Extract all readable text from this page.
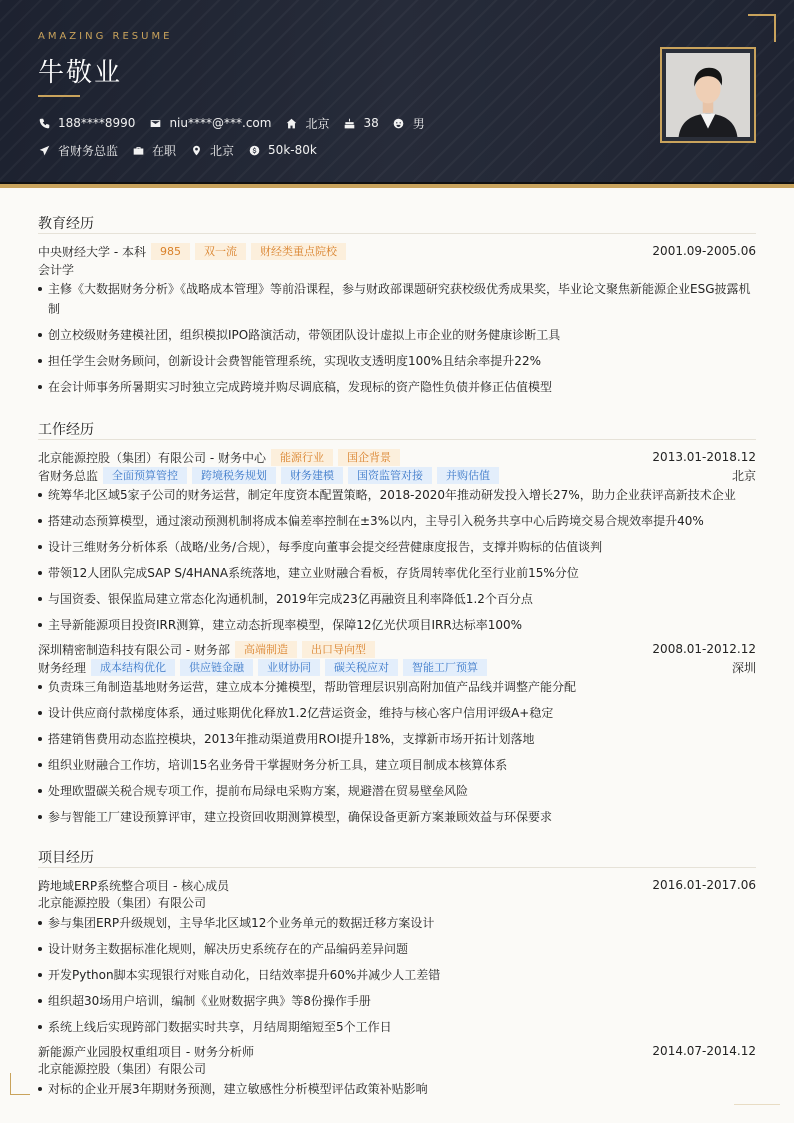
AMAZING RESUME
牛敬业
188****8990	niu****@***.com	北京	38	男
省财务总监	在职	北京	50k-80k
教育经历
中央财经大学 - 本科	985	双一流	财经类重点院校	2001.09-2005.06
会计学
主修《大数据财务分析》《战略成本管理》等前沿课程，参与财政部课题研究获校级优秀成果奖，毕业论文聚焦新能源企业ESG披露机制
创立校级财务建模社团，组织模拟IPO路演活动，带领团队设计虚拟上市企业的财务健康诊断工具
担任学生会财务顾问，创新设计会费智能管理系统，实现收支透明度100%且结余率提升22%
在会计师事务所暑期实习时独立完成跨境并购尽调底稿，发现标的资产隐性负债并修正估值模型
工作经历
北京能源控股（集团）有限公司 - 财务中心	能源行业	国企背景	2013.01-2018.12
省财务总监	全面预算管控	跨境税务规划	财务建模	国资监管对接	并购估值	北京
统筹华北区域5家子公司的财务运营，制定年度资本配置策略，2018-2020年推动研发投入增长27%，助力企业获评高新技术企业
搭建动态预算模型，通过滚动预测机制将成本偏差率控制在±3%以内，主导引入税务共享中心后跨境交易合规效率提升40%
设计三维财务分析体系（战略/业务/合规），每季度向董事会提交经营健康度报告，支撑并购标的估值谈判
带领12人团队完成SAP S/4HANA系统落地，建立业财融合看板，存货周转率优化至行业前15%分位
与国资委、银保监局建立常态化沟通机制，2019年完成23亿再融资且利率降低1.2个百分点
主导新能源项目投资IRR测算，建立动态折现率模型，保障12亿光伏项目IRR达标率100%
深圳精密制造科技有限公司 - 财务部	高端制造	出口导向型	2008.01-2012.12
财务经理	成本结构优化	供应链金融	业财协同	碳关税应对	智能工厂预算	深圳
负责珠三角制造基地财务运营，建立成本分摊模型，帮助管理层识别高附加值产品线并调整产能分配
设计供应商付款梯度体系，通过账期优化释放1.2亿营运资金，维持与核心客户信用评级A+稳定
搭建销售费用动态监控模块，2013年推动渠道费用ROI提升18%，支撑新市场开拓计划落地
组织业财融合工作坊，培训15名业务骨干掌握财务分析工具，建立项目制成本核算体系
处理欧盟碳关税合规专项工作，提前布局绿电采购方案，规避潜在贸易壁垒风险
参与智能工厂建设预算评审，建立投资回收期测算模型，确保设备更新方案兼顾效益与环保要求
项目经历
跨地域ERP系统整合项目 - 核心成员	2016.01-2017.06
北京能源控股（集团）有限公司
参与集团ERP升级规划，主导华北区域12个业务单元的数据迁移方案设计
设计财务主数据标准化规则，解决历史系统存在的产品编码差异问题
开发Python脚本实现银行对账自动化，日结效率提升60%并减少人工差错
组织超30场用户培训，编制《业财数据字典》等8份操作手册
系统上线后实现跨部门数据实时共享，月结周期缩短至5个工作日
新能源产业园股权重组项目 - 财务分析师	2014.07-2014.12
北京能源控股（集团）有限公司
对标的企业开展3年期财务预测，建立敏感性分析模型评估政策补贴影响
